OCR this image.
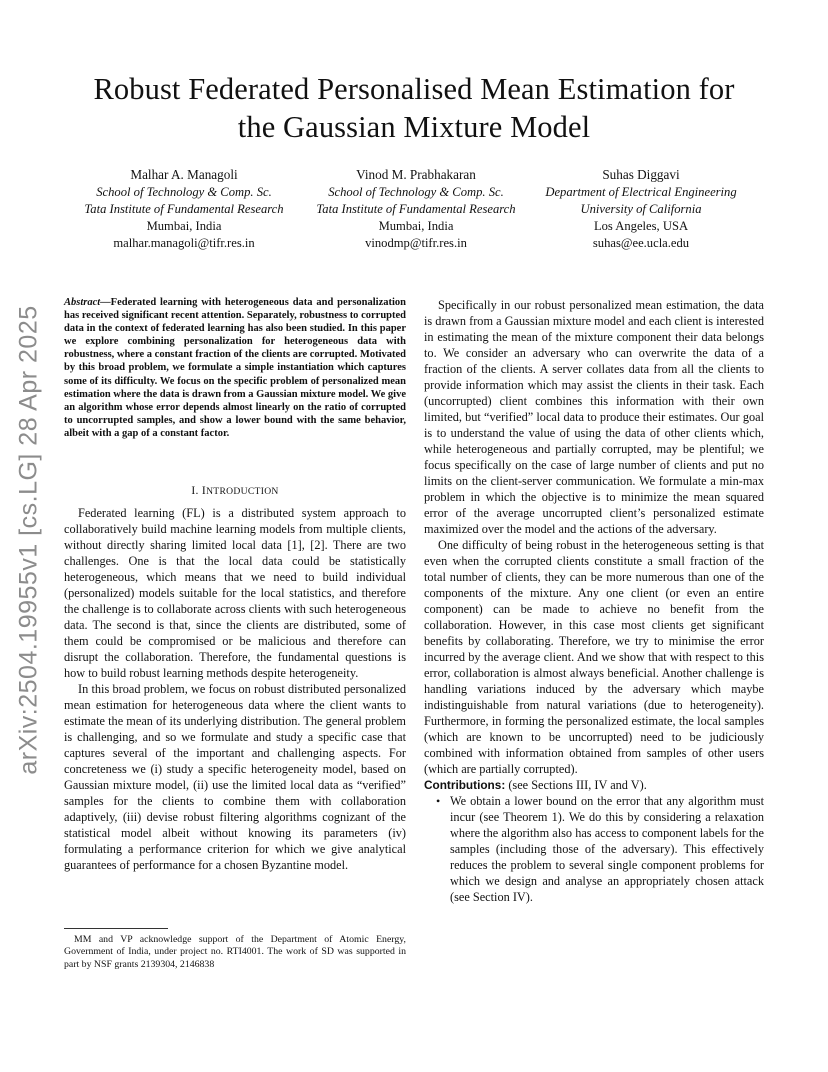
Robust Federated Personalised Mean Estimation for
the Gaussian Mixture Model
Malhar A. Managoli
School of Technology & Comp. Sc.
Tata Institute of Fundamental Research
Mumbai, India
malhar.managoli@tifr.res.in
Vinod M. Prabhakaran
School of Technology & Comp. Sc.
Tata Institute of Fundamental Research
Mumbai, India
vinodmp@tifr.res.in
Suhas Diggavi
Department of Electrical Engineering
University of California
Los Angeles, USA
suhas@ee.ucla.edu
arXiv:2504.19955v1 [cs.LG] 28 Apr 2025
Abstract—Federated learning with heterogeneous data and personalization has received significant recent attention. Separately, robustness to corrupted data in the context of federated learning has also been studied. In this paper we explore combining personalization for heterogeneous data with robustness, where a constant fraction of the clients are corrupted. Motivated by this broad problem, we formulate a simple instantiation which captures some of its difficulty. We focus on the specific problem of personalized mean estimation where the data is drawn from a Gaussian mixture model. We give an algorithm whose error depends almost linearly on the ratio of corrupted to uncorrupted samples, and show a lower bound with the same behavior, albeit with a gap of a constant factor.
I. INTRODUCTION

Federated learning (FL) is a distributed system approach to collaboratively build machine learning models from multiple clients, without directly sharing limited local data [1], [2]. There are two challenges. One is that the local data could be statistically heterogeneous, which means that we need to build individual (personalized) models suitable for the local statistics, and therefore the challenge is to collaborate across clients with such heterogeneous data. The second is that, since the clients are distributed, some of them could be compromised or be malicious and therefore can disrupt the collaboration. Therefore, the fundamental questions is how to build robust learning methods despite heterogeneity.

In this broad problem, we focus on robust distributed personalized mean estimation for heterogeneous data where the client wants to estimate the mean of its underlying distribution. The general problem is challenging, and so we formulate and study a specific case that captures several of the important and challenging aspects. For concreteness we (i) study a specific heterogeneity model, based on Gaussian mixture model, (ii) use the limited local data as “verified” samples for the clients to combine them with collaboration adaptively, (iii) devise robust filtering algorithms cognizant of the statistical model albeit without knowing its parameters (iv) formulating a performance criterion for which we give analytical guarantees of performance for a chosen Byzantine model.

MM and VP acknowledge support of the Department of Atomic Energy, Government of India, under project no. RTI4001. The work of SD was supported in part by NSF grants 2139304, 2146838

Specifically in our robust personalized mean estimation, the data is drawn from a Gaussian mixture model and each client is interested in estimating the mean of the mixture component their data belongs to. We consider an adversary who can overwrite the data of a fraction of the clients. A server collates data from all the clients to provide information which may assist the clients in their task. Each (uncorrupted) client combines this information with their own limited, but “verified” local data to produce their estimates. Our goal is to understand the value of using the data of other clients which, while heterogeneous and partially corrupted, may be plentiful; we focus specifically on the case of large number of clients and put no limits on the client-server communication. We formulate a min-max problem in which the objective is to minimize the mean squared error of the average uncorrupted client’s personalized estimate maximized over the model and the actions of the adversary.

One difficulty of being robust in the heterogeneous setting is that even when the corrupted clients constitute a small fraction of the total number of clients, they can be more numerous than one of the components of the mixture. Any one client (or even an entire component) can be made to achieve no benefit from the collaboration. However, in this case most clients get significant benefits by collaborating. Therefore, we try to minimise the error incurred by the average client. And we show that with respect to this error, collaboration is almost always beneficial. Another challenge is handling variations induced by the adversary which maybe indistinguishable from natural variations (due to heterogeneity). Furthermore, in forming the personalized estimate, the local samples (which are known to be uncorrupted) need to be judiciously combined with information obtained from samples of other users (which are partially corrupted).

Contributions: (see Sections III, IV and V).

• We obtain a lower bound on the error that any algorithm must incur (see Theorem 1). We do this by considering a relaxation where the algorithm also has access to component labels for the samples (including those of the adversary). This effectively reduces the problem to several single component problems for which we design and analyse an appropriately chosen attack (see Section IV).
